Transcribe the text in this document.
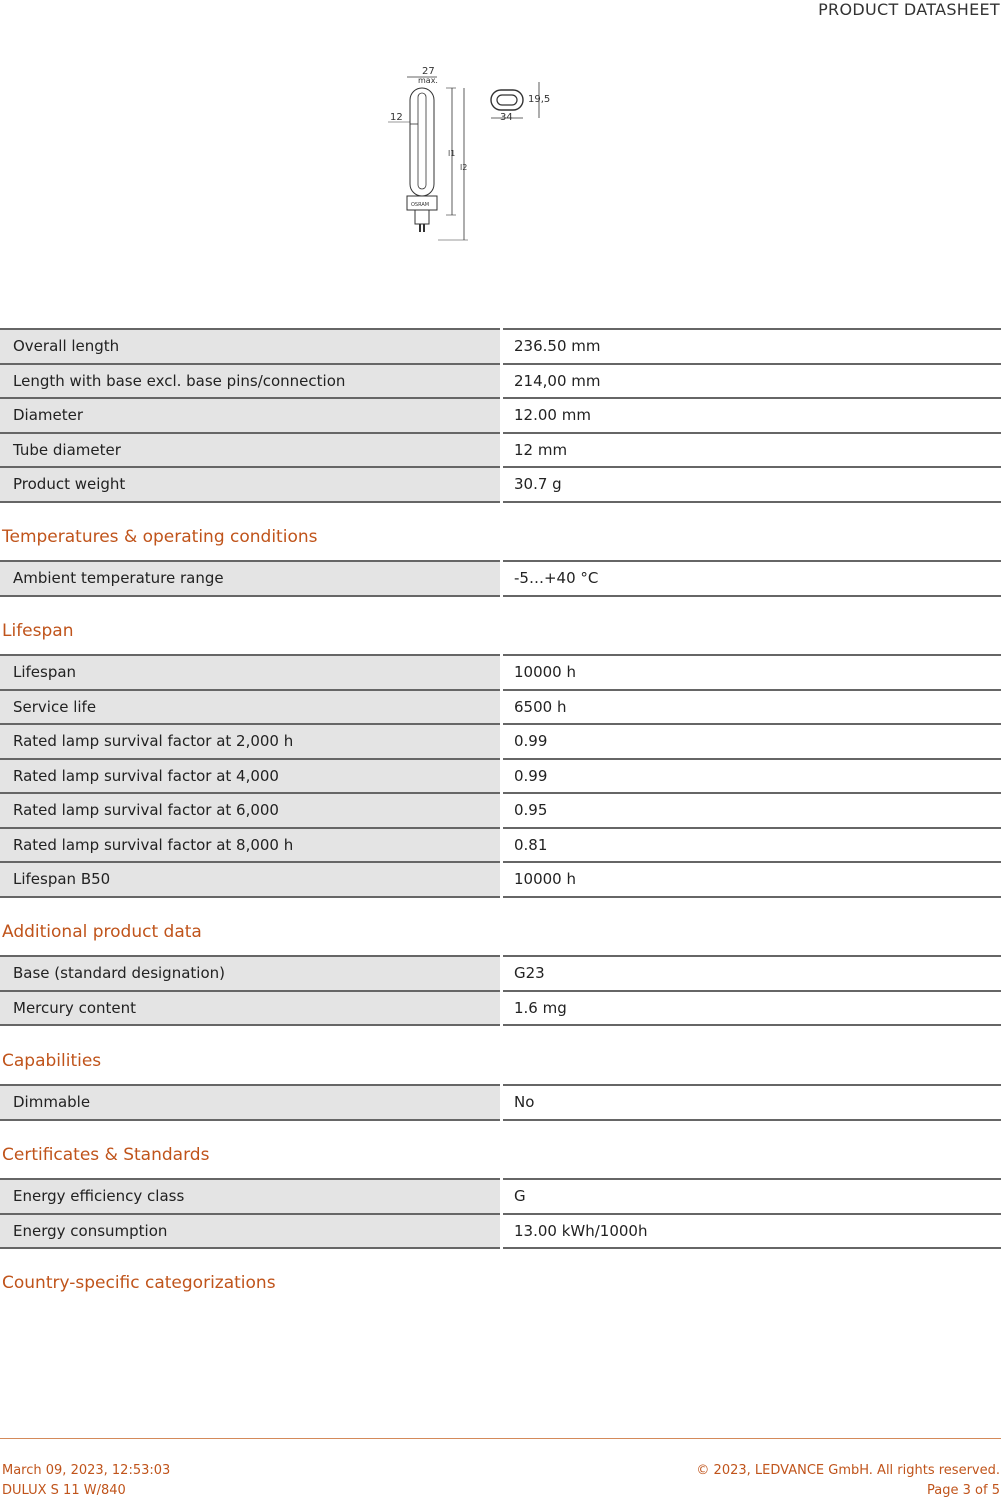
PRODUCT DATASHEET
27
max.
12
OSRAM
l1
l2
19,5
34
Overall length	236.50 mm
Length with base excl. base pins/connection	214,00 mm
Diameter	12.00 mm
Tube diameter	12 mm
Product weight	30.7 g
Temperatures & operating conditions
Ambient temperature range	-5…+40 °C
Lifespan
Lifespan	10000 h
Service life	6500 h
Rated lamp survival factor at 2,000 h	0.99
Rated lamp survival factor at 4,000	0.99
Rated lamp survival factor at 6,000	0.95
Rated lamp survival factor at 8,000 h	0.81
Lifespan B50	10000 h
Additional product data
Base (standard designation)	G23
Mercury content	1.6 mg
Capabilities
Dimmable	No
Certificates & Standards
Energy efficiency class	G
Energy consumption	13.00 kWh/1000h
Country-specific categorizations
March 09, 2023, 12:53:03
DULUX S 11 W/840
© 2023, LEDVANCE GmbH. All rights reserved.
Page 3 of 5
